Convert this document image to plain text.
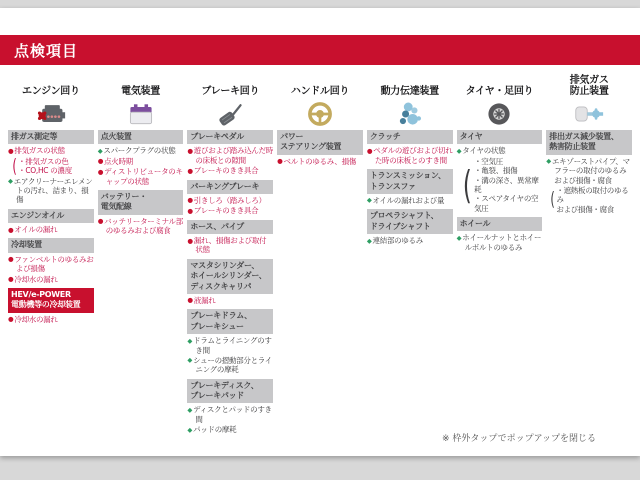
点検項目
エンジン回り
排ガス測定等
●排気ガスの状態
( ・排気ガスの色
・CO,HC の濃度
◆エアクリーナーエレメントの汚れ、詰まり、損傷
エンジンオイル
●オイルの漏れ
冷却装置
●ファンベルトのゆるみおよび損傷
●冷却水の漏れ
HEV/e-POWER
電動機等の冷却装置
●冷却水の漏れ
電気装置
点火装置
◆スパークプラグの状態
●点火時期
●ディストリビュータのキャップの状態
バッテリー・
電気配線
●バッテリーターミナル部のゆるみおよび腐食
ブレーキ回り
ブレーキペダル
●遊びおよび踏み込んだ時の床板との隙間
●ブレーキのきき具合
パーキングブレーキ
●引きしろ（踏みしろ）
●ブレーキのきき具合
ホース、パイプ
●漏れ、損傷および取付状態
マスタシリンダー、
ホイールシリンダー、
ディスクキャリパ
●液漏れ
ブレーキドラム、
ブレーキシュー
◆ドラムとライニングのすき間
◆シューの摺動部分とライニングの摩耗
ブレーキディスク、
ブレーキパッド
◆ディスクとパッドのすき間
◆パッドの摩耗
ハンドル回り
パワー
ステアリング装置
●ベルトのゆるみ、損傷
動力伝達装置
クラッチ
●ペダルの遊びおよび切れた時の床板とのすき間
トランスミッション、
トランスファ
◆オイルの漏れおよび量
プロペラシャフト、
ドライブシャフト
◆連結部のゆるみ
タイヤ・足回り
タイヤ
◆タイヤの状態
(
・空気圧
・亀裂、損傷
・溝の深さ、異常摩耗
・スペアタイヤの空気圧
ホイール
◆ホイールナットとホイールボルトのゆるみ
排気ガス
防止装置
排出ガス減少装置、
熱害防止装置
◆エキゾーストパイプ、マフラーの取付のゆるみおよび損傷・腐食
( ・遮熱板の取付のゆるみ
および損傷・腐食
※ 枠外タップでポップアップを閉じる
